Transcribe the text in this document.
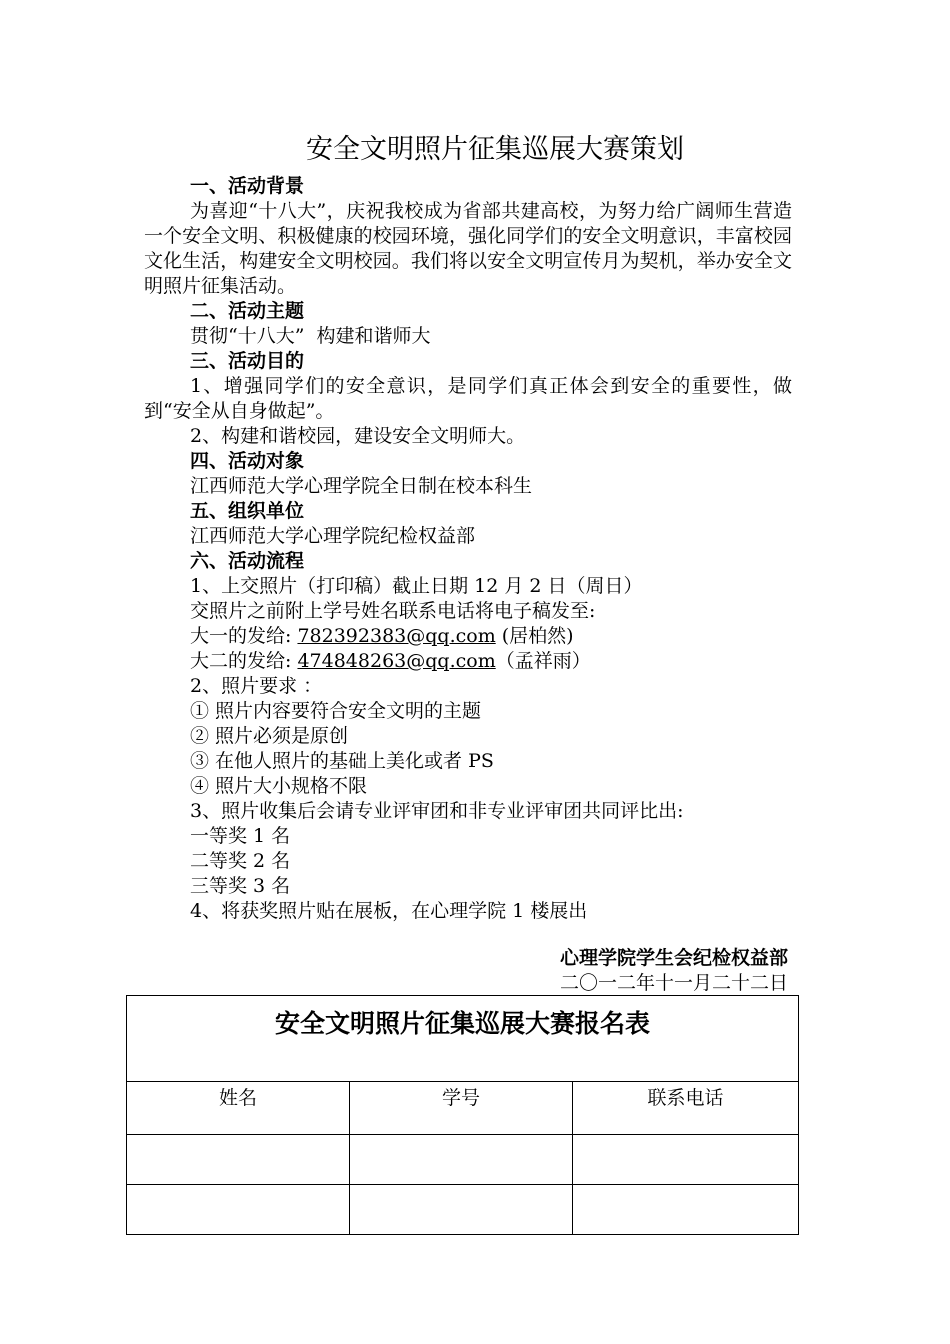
安全文明照片征集巡展大赛策划
一、活动背景
为喜迎“十八大”，庆祝我校成为省部共建高校，为努力给广阔师生营造一个安全文明、积极健康的校园环境，强化同学们的安全文明意识，丰富校园文化生活，构建安全文明校园。我们将以安全文明宣传月为契机，举办安全文明照片征集活动。
二、活动主题
贯彻“十八大”  构建和谐师大
三、活动目的
1、增强同学们的安全意识，是同学们真正体会到安全的重要性，做到“安全从自身做起”。
2、构建和谐校园，建设安全文明师大。
四、活动对象
江西师范大学心理学院全日制在校本科生
五、组织单位
江西师范大学心理学院纪检权益部
六、活动流程
1、上交照片（打印稿）截止日期 12 月 2 日（周日）
交照片之前附上学号姓名联系电话将电子稿发至:
大一的发给: 782392383@qq.com (居柏然)
大二的发给: 474848263@qq.com（孟祥雨）
2、照片要求 ：
① 照片内容要符合安全文明的主题
② 照片必须是原创
③ 在他人照片的基础上美化或者 PS
④ 照片大小规格不限
3、照片收集后会请专业评审团和非专业评审团共同评比出:
一等奖 1 名
二等奖 2 名
三等奖 3 名
4、将获奖照片贴在展板，在心理学院 1 楼展出
心理学院学生会纪检权益部
二〇一二年十一月二十二日
安全文明照片征集巡展大赛报名表		
姓名	学号	联系电话
